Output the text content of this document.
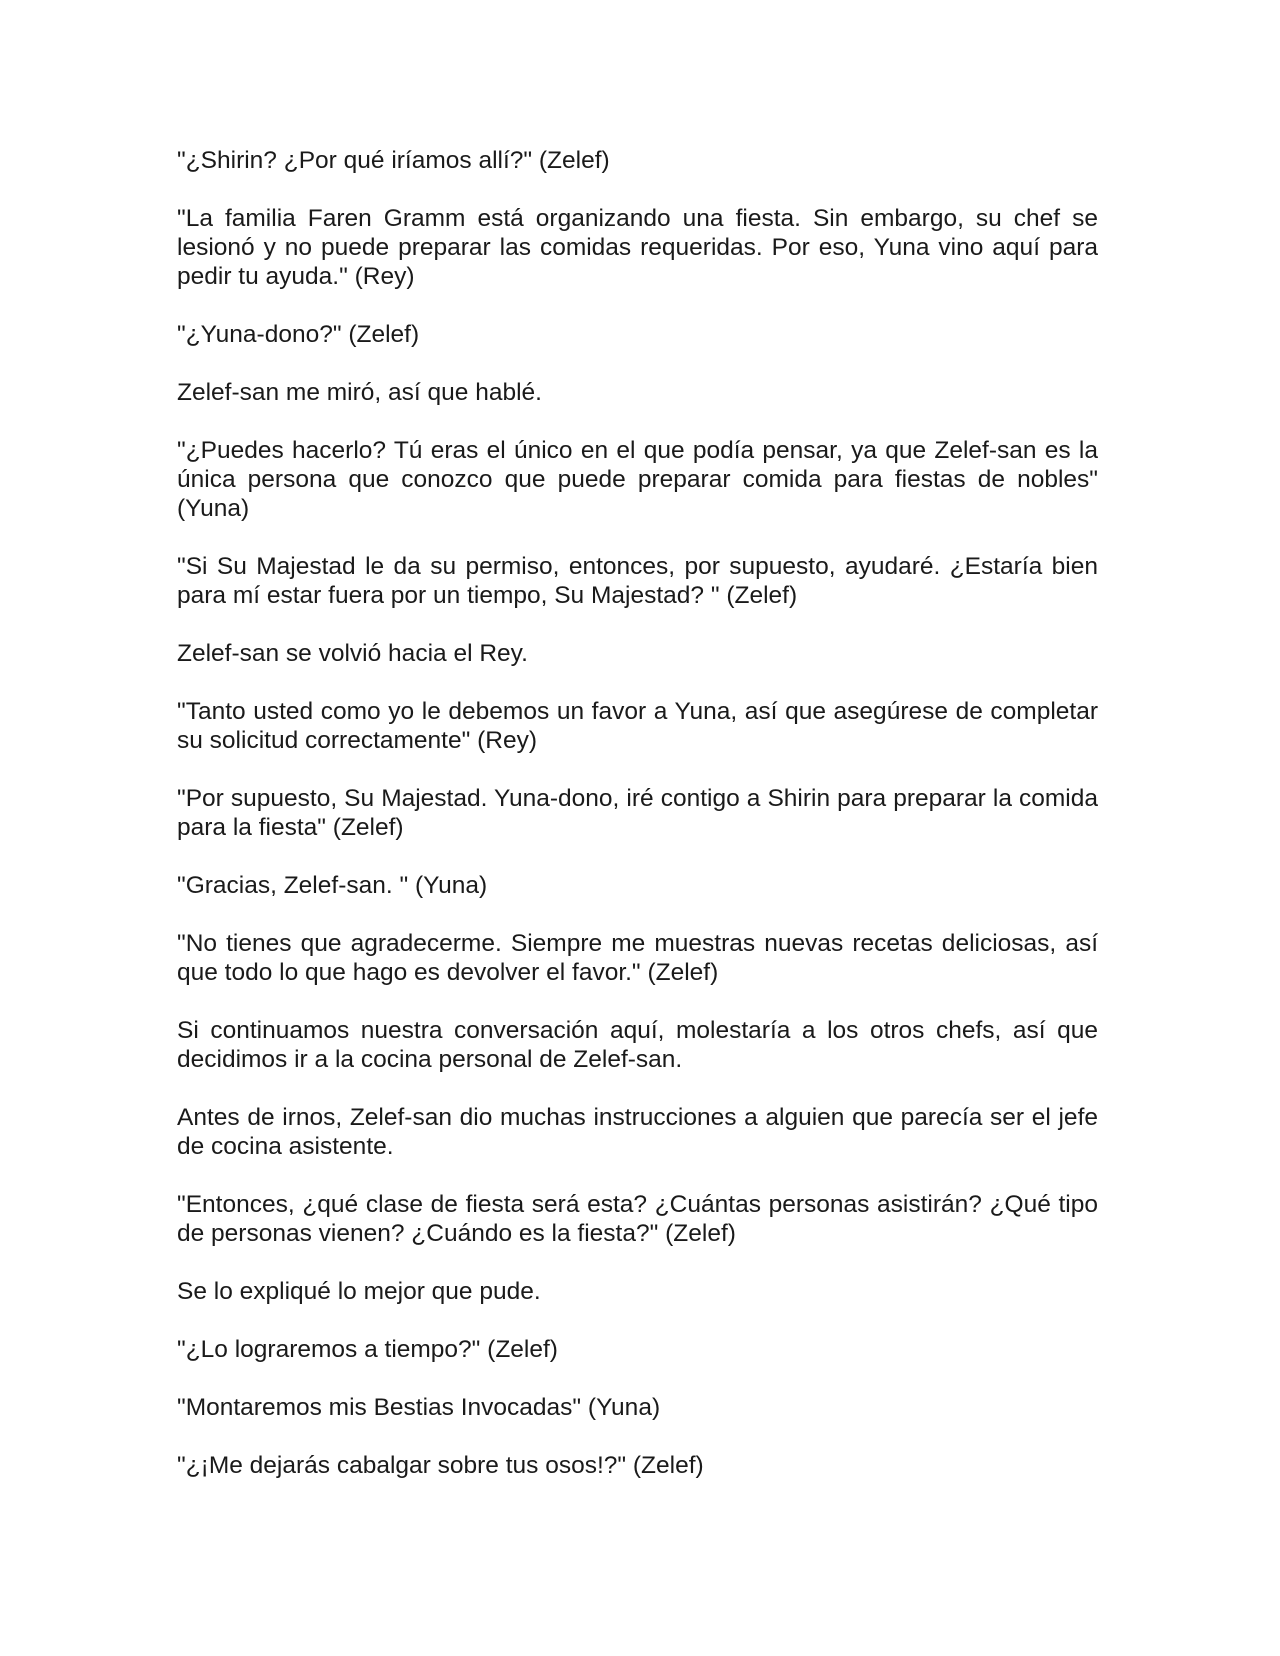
"¿Shirin? ¿Por qué iríamos allí?" (Zelef)

"La familia Faren Gramm está organizando una fiesta. Sin embargo, su chef se lesionó y no puede preparar las comidas requeridas. Por eso, Yuna vino aquí para pedir tu ayuda." (Rey)

"¿Yuna-dono?" (Zelef)

Zelef-san me miró, así que hablé.

"¿Puedes hacerlo? Tú eras el único en el que podía pensar, ya que Zelef-san es la única persona que conozco que puede preparar comida para fiestas de nobles" (Yuna)

"Si Su Majestad le da su permiso, entonces, por supuesto, ayudaré. ¿Estaría bien para mí estar fuera por un tiempo, Su Majestad? " (Zelef)

Zelef-san se volvió hacia el Rey.

"Tanto usted como yo le debemos un favor a Yuna, así que asegúrese de completar su solicitud correctamente" (Rey)

"Por supuesto, Su Majestad. Yuna-dono, iré contigo a Shirin para preparar la comida para la fiesta" (Zelef)

"Gracias, Zelef-san. " (Yuna)

"No tienes que agradecerme. Siempre me muestras nuevas recetas deliciosas, así que todo lo que hago es devolver el favor." (Zelef)

Si continuamos nuestra conversación aquí, molestaría a los otros chefs, así que decidimos ir a la cocina personal de Zelef-san.

Antes de irnos, Zelef-san dio muchas instrucciones a alguien que parecía ser el jefe de cocina asistente.

"Entonces, ¿qué clase de fiesta será esta? ¿Cuántas personas asistirán? ¿Qué tipo de personas vienen? ¿Cuándo es la fiesta?" (Zelef)

Se lo expliqué lo mejor que pude.

"¿Lo lograremos a tiempo?" (Zelef)

"Montaremos mis Bestias Invocadas" (Yuna)

"¿¡Me dejarás cabalgar sobre tus osos!?" (Zelef)
